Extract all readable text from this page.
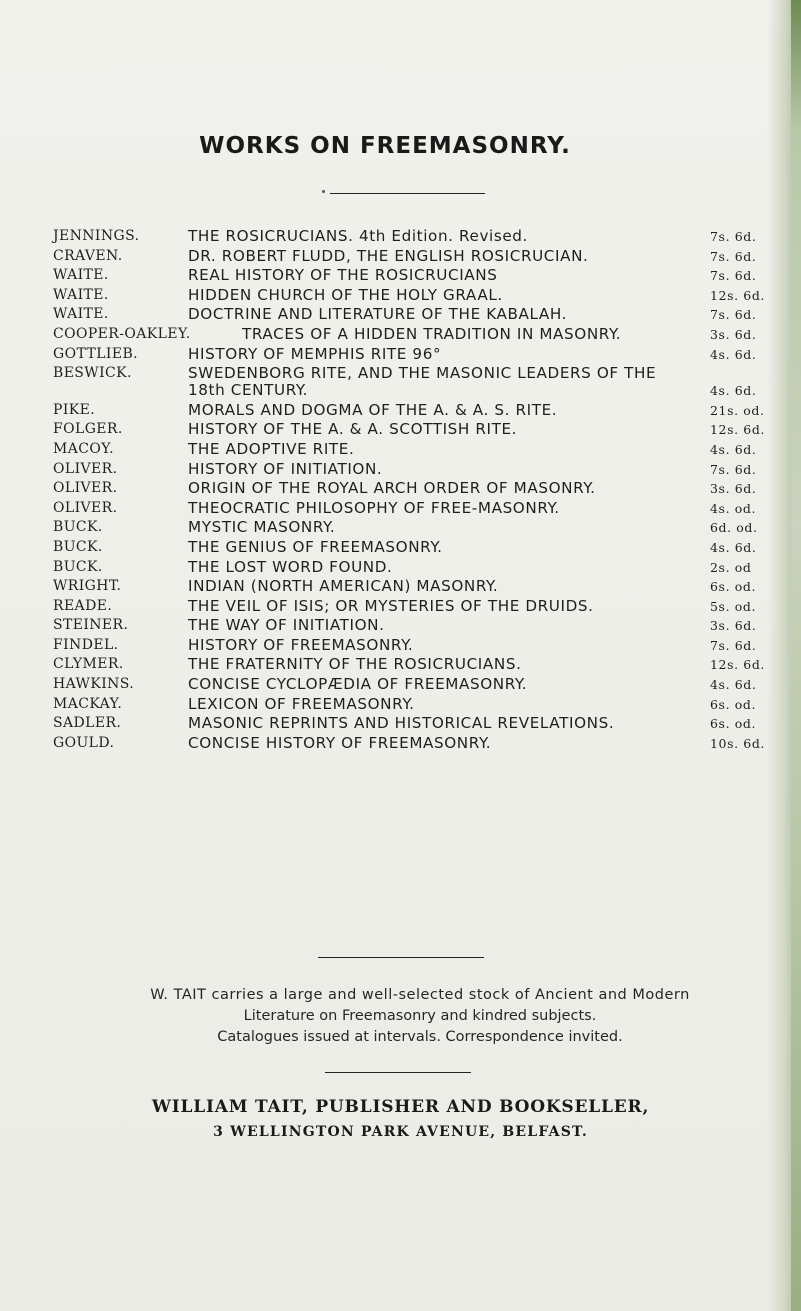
WORKS ON FREEMASONRY.
JENNINGS.	THE ROSICRUCIANS. 4th Edition. Revised.	7s. 6d.
CRAVEN.	DR. ROBERT FLUDD, THE ENGLISH ROSICRUCIAN.	7s. 6d.
WAITE.	REAL HISTORY OF THE ROSICRUCIANS	7s. 6d.
WAITE.	HIDDEN CHURCH OF THE HOLY GRAAL.	12s. 6d.
WAITE.	DOCTRINE AND LITERATURE OF THE KABALAH.	7s. 6d.
COOPER-OAKLEY.	TRACES OF A HIDDEN TRADITION IN MASONRY.	3s. 6d.
GOTTLIEB.	HISTORY OF MEMPHIS RITE 96°	4s. 6d.
BESWICK.	SWEDENBORG RITE, AND THE MASONIC LEADERS OF THE 18th CENTURY.	4s. 6d.
PIKE.	MORALS AND DOGMA OF THE A. & A. S. RITE.	21s. od.
FOLGER.	HISTORY OF THE A. & A. SCOTTISH RITE.	12s. 6d.
MACOY.	THE ADOPTIVE RITE.	4s. 6d.
OLIVER.	HISTORY OF INITIATION.	7s. 6d.
OLIVER.	ORIGIN OF THE ROYAL ARCH ORDER OF MASONRY.	3s. 6d.
OLIVER.	THEOCRATIC PHILOSOPHY OF FREE-MASONRY.	4s. od.
BUCK.	MYSTIC MASONRY.	6d. od.
BUCK.	THE GENIUS OF FREEMASONRY.	4s. 6d.
BUCK.	THE LOST WORD FOUND.	2s. od
WRIGHT.	INDIAN (NORTH AMERICAN) MASONRY.	6s. od.
READE.	THE VEIL OF ISIS; OR MYSTERIES OF THE DRUIDS.	5s. od.
STEINER.	THE WAY OF INITIATION.	3s. 6d.
FINDEL.	HISTORY OF FREEMASONRY.	7s. 6d.
CLYMER.	THE FRATERNITY OF THE ROSICRUCIANS.	12s. 6d.
HAWKINS.	CONCISE CYCLOPÆDIA OF FREEMASONRY.	4s. 6d.
MACKAY.	LEXICON OF FREEMASONRY.	6s. od.
SADLER.	MASONIC REPRINTS AND HISTORICAL REVELATIONS.	6s. od.
GOULD.	CONCISE HISTORY OF FREEMASONRY.	10s. 6d.
W. TAIT carries a large and well-selected stock of Ancient and Modern
Literature on Freemasonry and kindred subjects.
Catalogues issued at intervals. Correspondence invited.
WILLIAM TAIT, PUBLISHER AND BOOKSELLER,
3 WELLINGTON PARK AVENUE, BELFAST.
